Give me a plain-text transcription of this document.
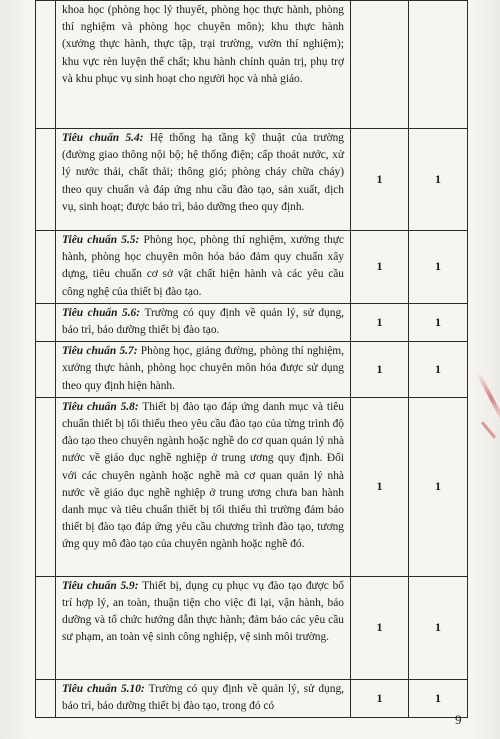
	khoa học (phòng học lý thuyết, phòng học thực hành, phòng thí nghiệm và phòng học chuyên môn); khu thực hành (xưởng thực hành, thực tập, trại trường, vườn thí nghiệm); khu vực rèn luyện thể chất; khu hành chính quản trị, phụ trợ và khu phục vụ sinh hoạt cho người học và nhà giáo.		
	Tiêu chuẩn 5.4: Hệ thống hạ tầng kỹ thuật của trường (đường giao thông nội bộ; hệ thống điện; cấp thoát nước, xử lý nước thải, chất thải; thông gió; phòng cháy chữa cháy) theo quy chuẩn và đáp ứng nhu cầu đào tạo, sản xuất, dịch vụ, sinh hoạt; được bảo trì, bảo dưỡng theo quy định.	1	1
	Tiêu chuẩn 5.5: Phòng học, phòng thí nghiệm, xưởng thực hành, phòng học chuyên môn hóa bảo đảm quy chuẩn xây dựng, tiêu chuẩn cơ sở vật chất hiện hành và các yêu cầu công nghệ của thiết bị đào tạo.	1	1
	Tiêu chuẩn 5.6: Trường có quy định về quản lý, sử dụng, bảo trì, bảo dưỡng thiết bị đào tạo.	1	1
	Tiêu chuẩn 5.7: Phòng học, giảng đường, phòng thí nghiệm, xưởng thực hành, phòng học chuyên môn hóa được sử dụng theo quy định hiện hành.	1	1
	Tiêu chuẩn 5.8: Thiết bị đào tạo đáp ứng danh mục và tiêu chuẩn thiết bị tối thiểu theo yêu cầu đào tạo của từng trình độ đào tạo theo chuyên ngành hoặc nghề do cơ quan quản lý nhà nước về giáo dục nghề nghiệp ở trung ương quy định. Đối với các chuyên ngành hoặc nghề mà cơ quan quản lý nhà nước về giáo dục nghề nghiệp ở trung ương chưa ban hành danh mục và tiêu chuẩn thiết bị tối thiểu thì trường đảm bảo thiết bị đào tạo đáp ứng yêu cầu chương trình đào tạo, tương ứng quy mô đào tạo của chuyên ngành hoặc nghề đó.	1	1
	Tiêu chuẩn 5.9: Thiết bị, dụng cụ phục vụ đào tạo được bố trí hợp lý, an toàn, thuận tiện cho việc đi lại, vận hành, bảo dưỡng và tổ chức hướng dẫn thực hành; đảm bảo các yêu cầu sư phạm, an toàn vệ sinh công nghiệp, vệ sinh môi trường.	1	1
	Tiêu chuẩn 5.10: Trường có quy định về quản lý, sử dụng, bảo trì, bảo dưỡng thiết bị đào tạo, trong đó có	1	1
9
